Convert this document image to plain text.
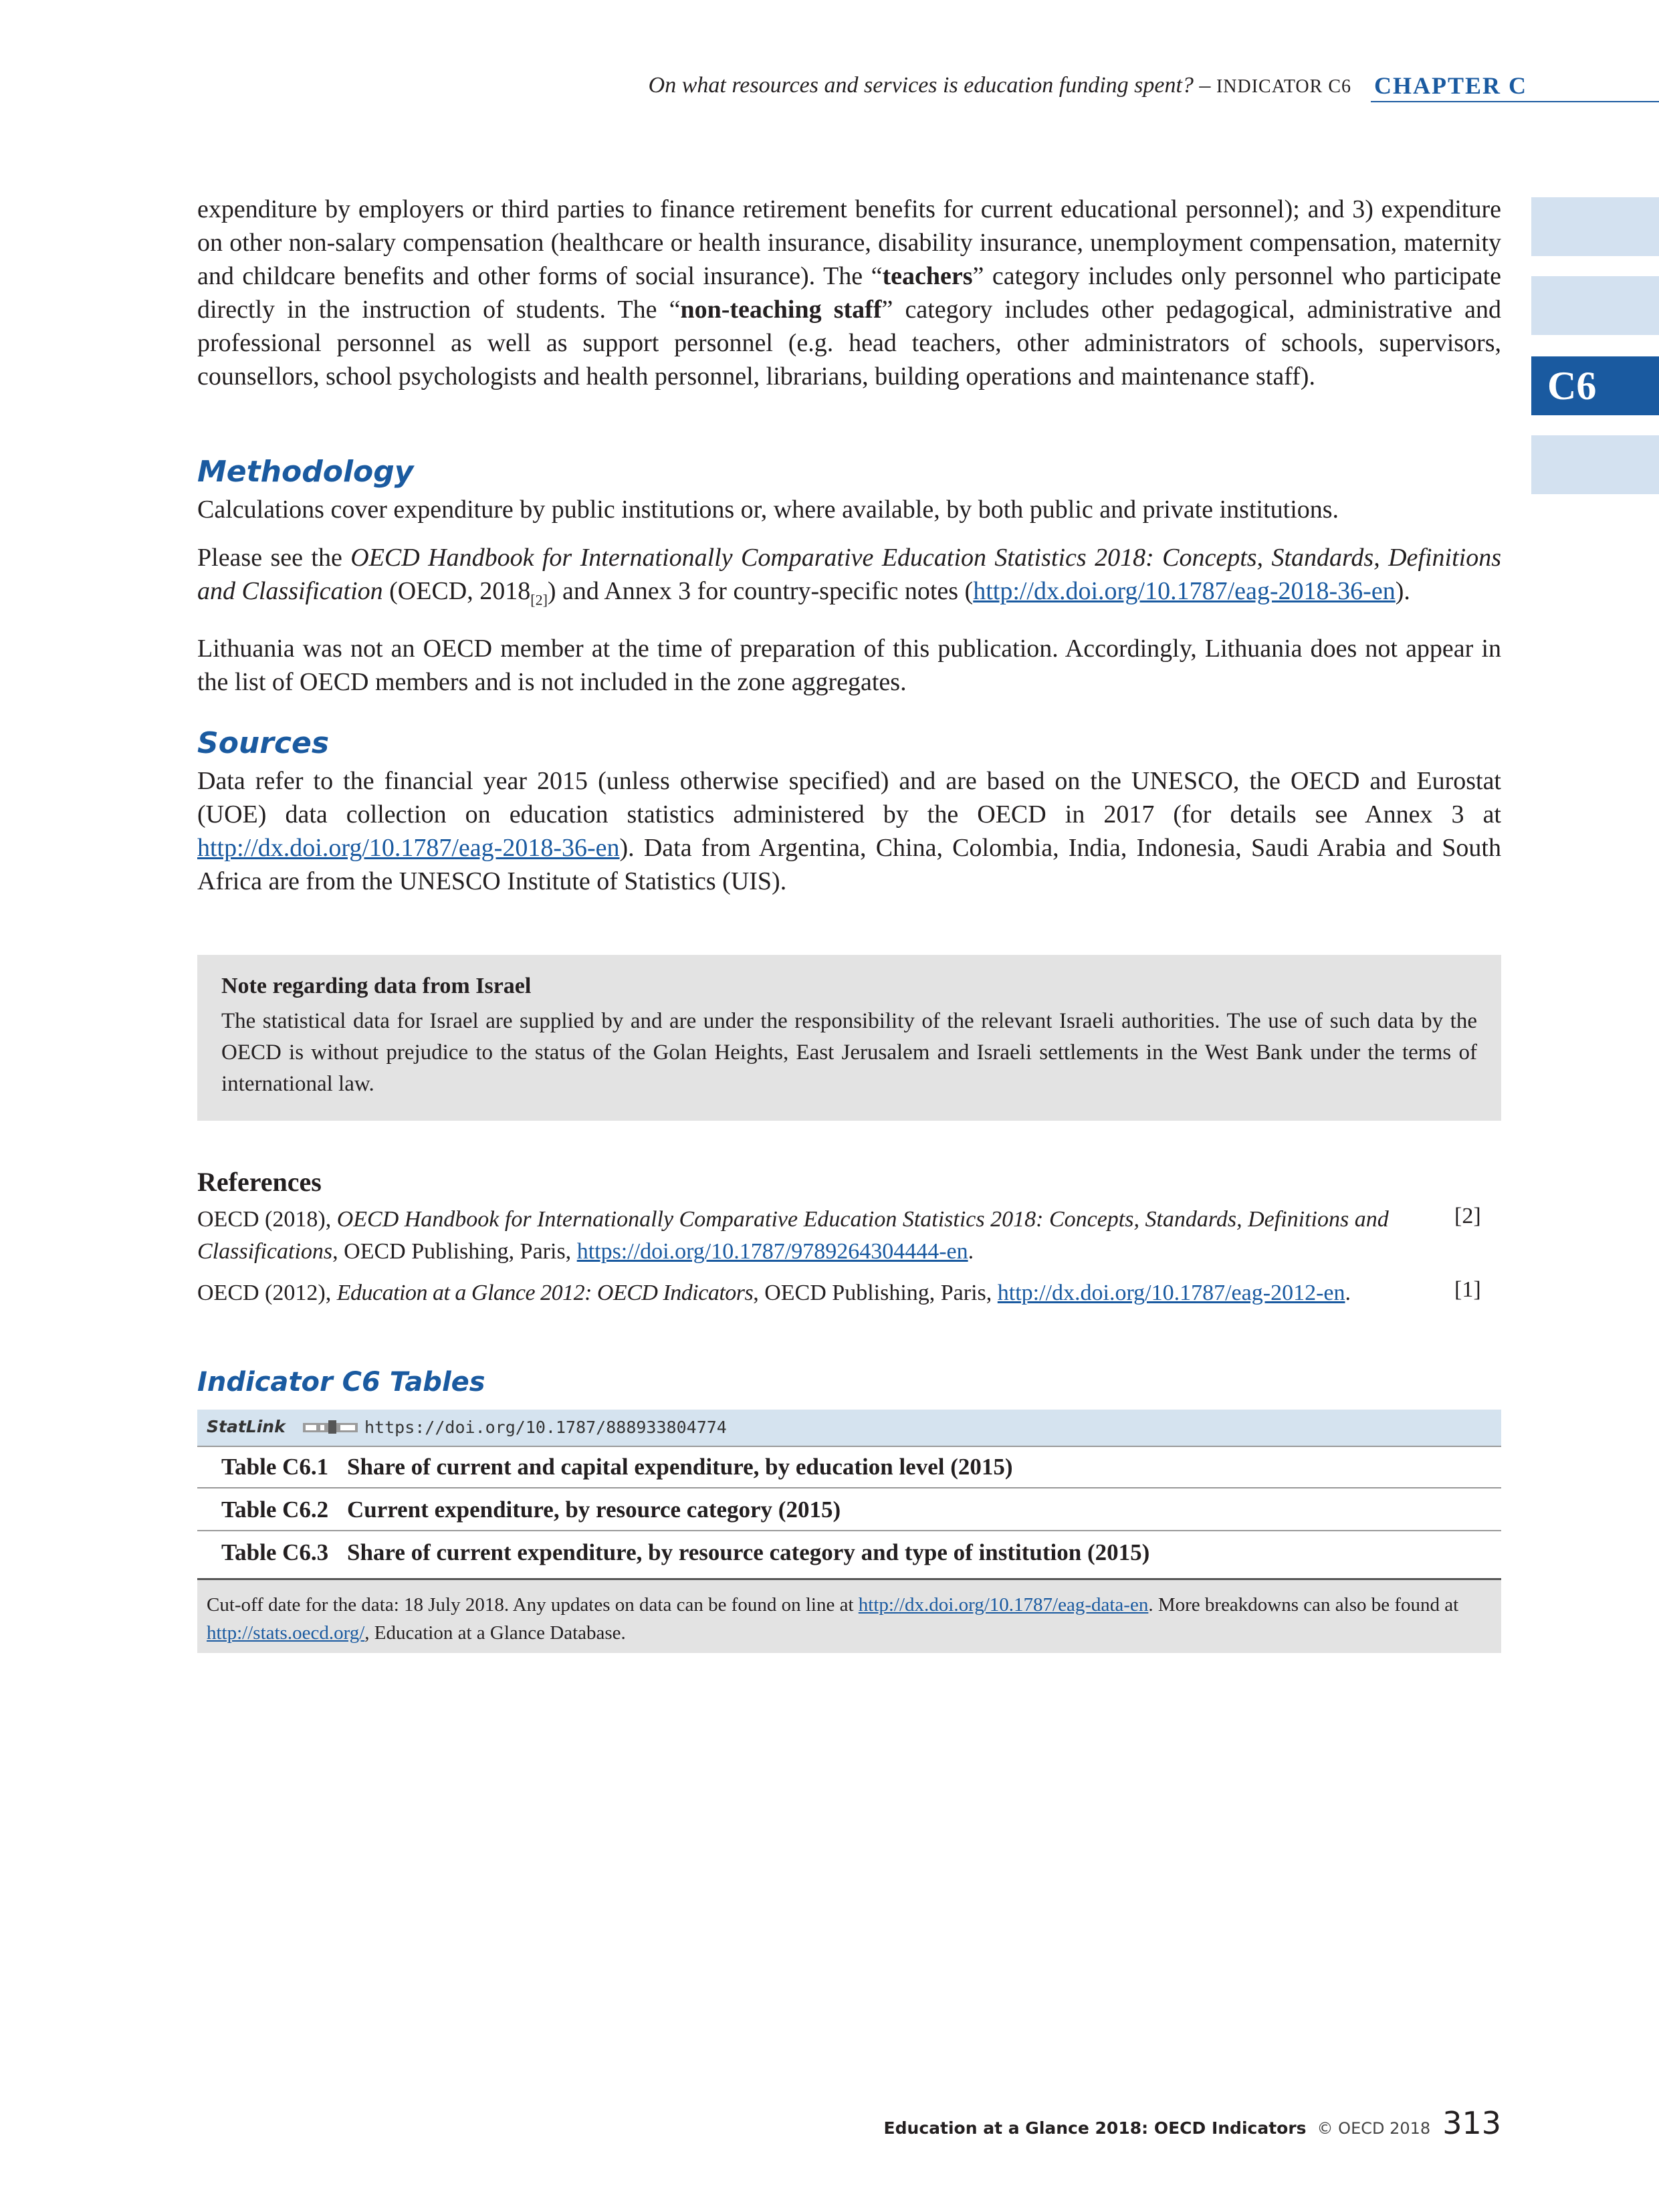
On what resources and services is education funding spent? – INDICATOR C6 CHAPTER C
C6

expenditure by employers or third parties to finance retirement benefits for current educational personnel); and 3) expenditure on other non-salary compensation (healthcare or health insurance, disability insurance, unemployment compensation, maternity and childcare benefits and other forms of social insurance). The “teachers” category includes only personnel who participate directly in the instruction of students. The “non-teaching staff” category includes other pedagogical, administrative and professional personnel as well as support personnel (e.g. head teachers, other administrators of schools, supervisors, counsellors, school psychologists and health personnel, librarians, building operations and maintenance staff).

Methodology

Calculations cover expenditure by public institutions or, where available, by both public and private institutions.

Please see the OECD Handbook for Internationally Comparative Education Statistics 2018: Concepts, Standards, Definitions and Classification (OECD, $2018_{[2]}$) and Annex 3 for country-specific notes (http://dx.doi.org/10.1787/eag-2018-36-en).

Lithuania was not an OECD member at the time of preparation of this publication. Accordingly, Lithuania does not appear in the list of OECD members and is not included in the zone aggregates.

Sources

Data refer to the financial year 2015 (unless otherwise specified) and are based on the UNESCO, the OECD and Eurostat (UOE) data collection on education statistics administered by the OECD in 2017 (for details see Annex 3 at http://dx.doi.org/10.1787/eag-2018-36-en). Data from Argentina, China, Colombia, India, Indonesia, Saudi Arabia and South Africa are from the UNESCO Institute of Statistics (UIS).

Note regarding data from Israel
The statistical data for Israel are supplied by and are under the responsibility of the relevant Israeli authorities. The use of such data by the OECD is without prejudice to the status of the Golan Heights, East Jerusalem and Israeli settlements in the West Bank under the terms of international law.
References
OECD (2018), OECD Handbook for Internationally Comparative Education Statistics 2018: Concepts, Standards, Definitions and Classifications, OECD Publishing, Paris, https://doi.org/10.1787/9789264304444-en.
[2]
OECD (2012), Education at a Glance 2012: OECD Indicators, OECD Publishing, Paris, http://dx.doi.org/10.1787/eag-2012-en.	[1]
Indicator C6 Tables
StatLink	https://doi.org/10.1787/888933804774
Table C6.1 Share of current and capital expenditure, by education level (2015)
Table C6.2 Current expenditure, by resource category (2015)
Table C6.3 Share of current expenditure, by resource category and type of institution (2015)
Cut-off date for the data: 18 July 2018. Any updates on data can be found on line at http://dx.doi.org/10.1787/eag-data-en. More breakdowns can also be found at http://stats.oecd.org/, Education at a Glance Database.
Education at a Glance 2018: OECD Indicators © OECD 2018 313
